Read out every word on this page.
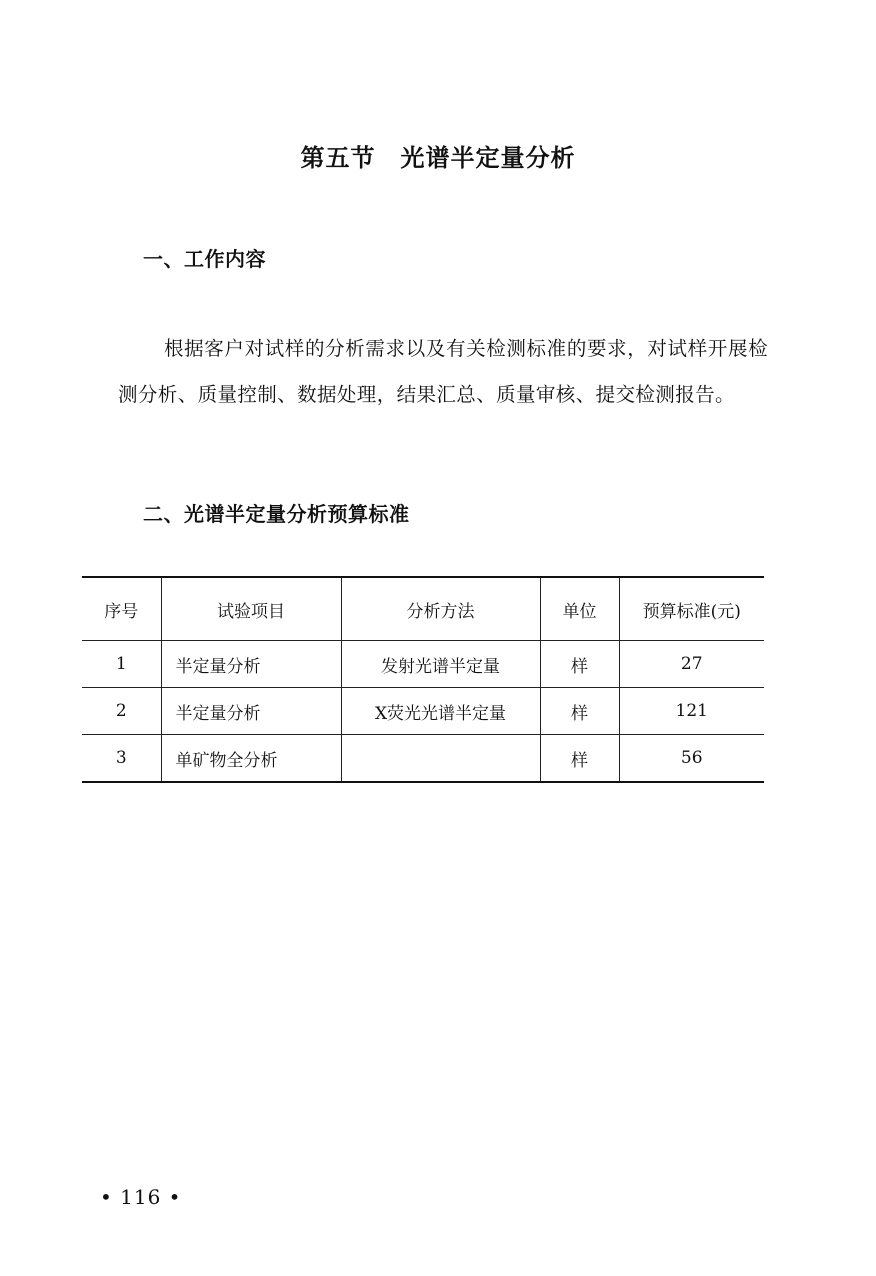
第五节　光谱半定量分析
一、工作内容
根据客户对试样的分析需求以及有关检测标准的要求，对试样开展检测分析、质量控制、数据处理，结果汇总、质量审核、提交检测报告。
二、光谱半定量分析预算标准
序号	试验项目	分析方法	单位	预算标准(元)
1	半定量分析	发射光谱半定量	样	27
2	半定量分析	X荧光光谱半定量	样	121
3	单矿物全分析		样	56
• 116 •
